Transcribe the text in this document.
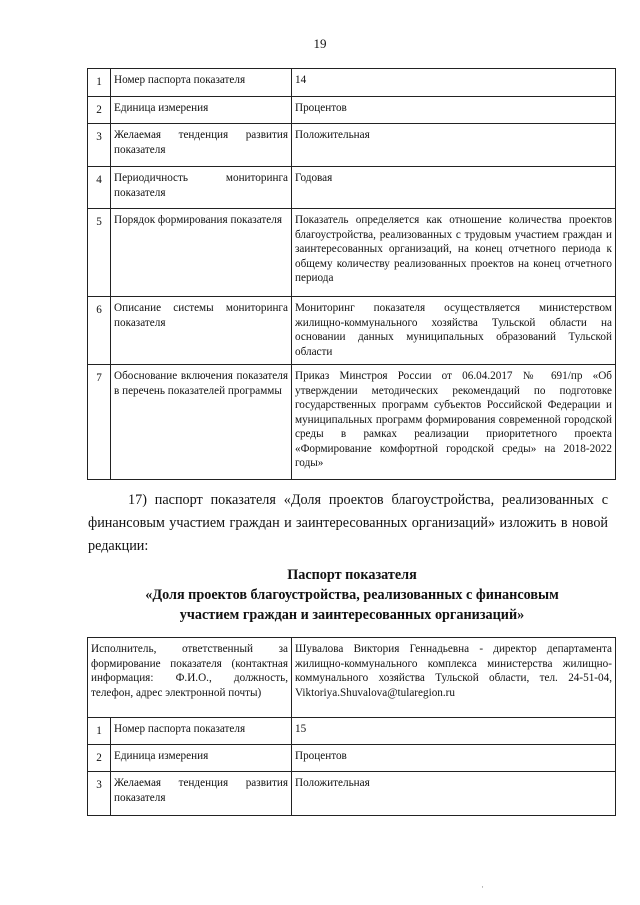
19
1	Номер паспорта показателя	14
2	Единица измерения	Процентов
3	Желаемая тенденция развития показателя	Положительная
4	Периодичность мониторинга показателя	Годовая
5	Порядок формирования показателя	Показатель определяется как отношение количества проектов благоустройства, реализованных с трудовым участием граждан и заинтересованных организаций, на конец отчетного периода к общему количеству реализованных проектов на конец отчетного периода
6	Описание системы мониторинга показателя	Мониторинг показателя осуществляется министерством жилищно-коммунального хозяйства Тульской области на основании данных муниципальных образований Тульской области
7	Обоснование включения показателя в перечень показателей программы	Приказ Минстроя России от 06.04.2017 № 691/пр «Об утверждении методических рекомендаций по подготовке государственных программ субъектов Российской Федерации и муниципальных программ формирования современной городской среды в рамках реализации приоритетного проекта «Формирование комфортной городской среды» на 2018-2022 годы»
17) паспорт показателя «Доля проектов благоустройства, реализованных с финансовым участием граждан и заинтересованных организаций» изложить в новой редакции:
Паспорт показателя
«Доля проектов благоустройства, реализованных с финансовым
участием граждан и заинтересованных организаций»
Исполнитель, ответственный за формирование показателя (контактная информация: Ф.И.О., должность, телефон, адрес электронной почты)		Шувалова Виктория Геннадьевна - директор департамента жилищно-коммунального комплекса министерства жилищно-коммунального хозяйства Тульской области, тел. 24-51-04, Viktoriya.Shuvalova@tularegion.ru
1	Номер паспорта показателя	15
2	Единица измерения	Процентов
3	Желаемая тенденция развития показателя	Положительная
·
